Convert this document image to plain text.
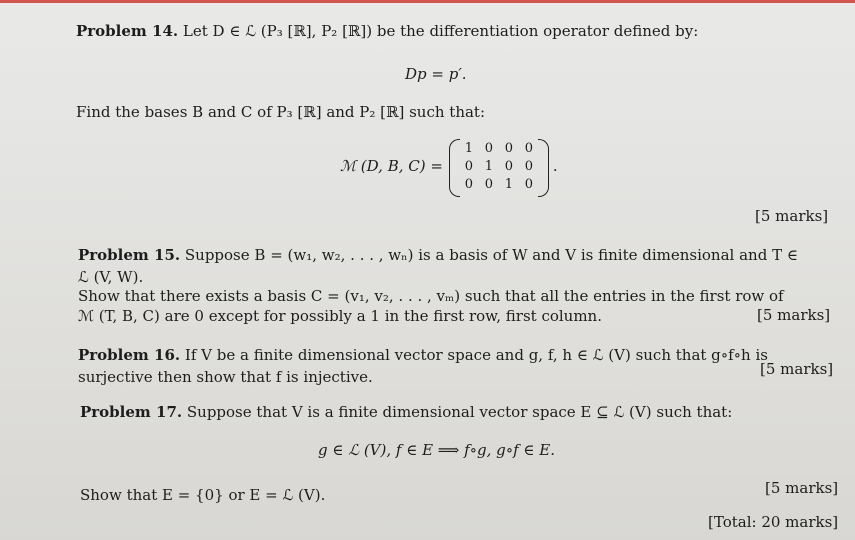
Problem 14. Let D ∈ ℒ (P₃ [ℝ], P₂ [ℝ]) be the differentiation operator defined by:
Dp = p′.
Find the bases B and C of P₃ [ℝ] and P₂ [ℝ] such that:
ℳ (D, B, C) =
1 0 0 0
0 1 0 0
0 0 1 0
.
[5 marks]
Problem 15. Suppose B = (w₁, w₂, . . . , wₙ) is a basis of W and V is finite dimensional and T ∈
ℒ (V, W).
Show that there exists a basis C = (v₁, v₂, . . . , vₘ) such that all the entries in the first row of
ℳ (T, B, C) are 0 except for possibly a 1 in the first row, first column.	[5 marks]
Problem 16. If V be a finite dimensional vector space and g, f, h ∈ ℒ (V) such that g∘f∘h is
surjective then show that f is injective.	[5 marks]
Problem 17. Suppose that V is a finite dimensional vector space E ⊆ ℒ (V) such that:
g ∈ ℒ (V), f ∈ E ⟹ f∘g, g∘f ∈ E.
Show that E = {0} or E = ℒ (V).	[5 marks]
[Total: 20 marks]
